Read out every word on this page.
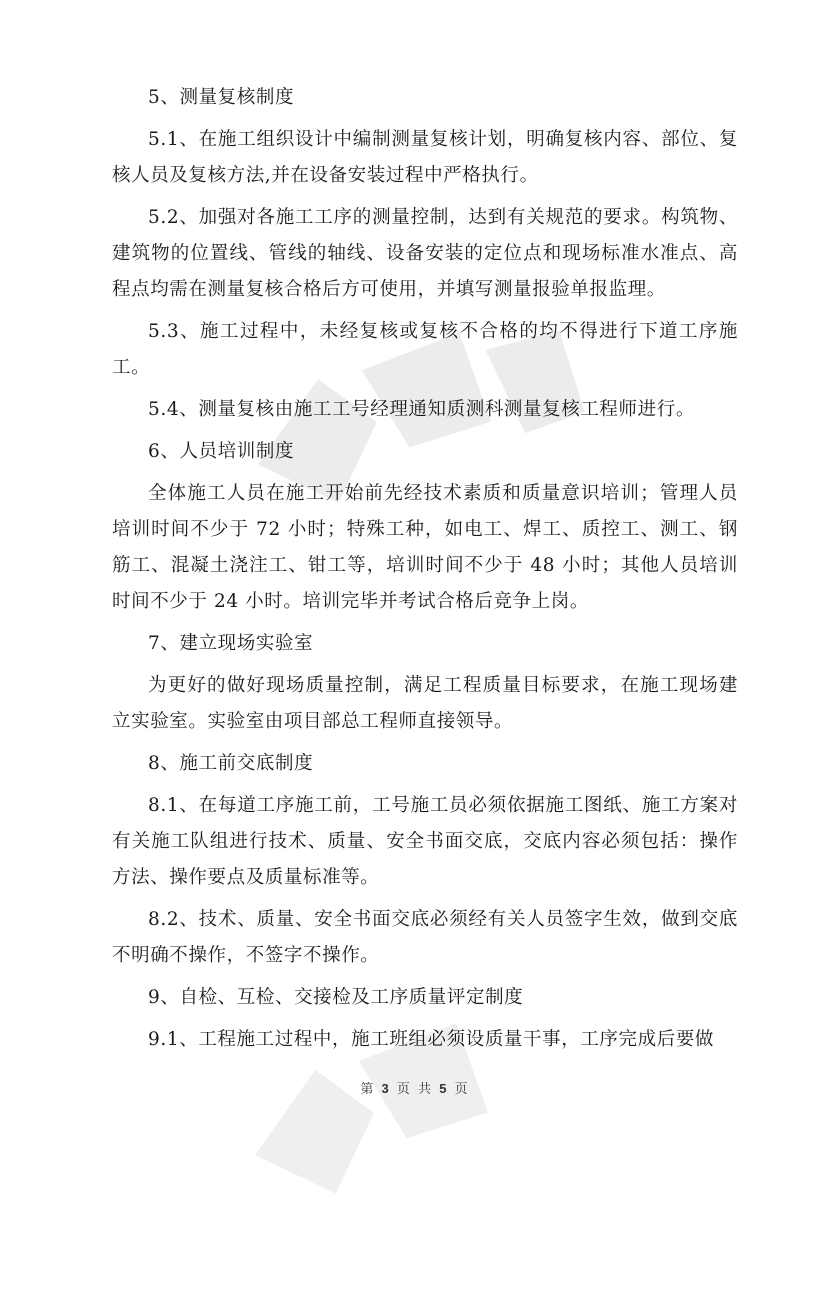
5、测量复核制度

5.1、在施工组织设计中编制测量复核计划，明确复核内容、部位、复核人员及复核方法,并在设备安装过程中严格执行。

5.2、加强对各施工工序的测量控制，达到有关规范的要求。构筑物、建筑物的位置线、管线的轴线、设备安装的定位点和现场标准水准点、高程点均需在测量复核合格后方可使用，并填写测量报验单报监理。

5.3、施工过程中，未经复核或复核不合格的均不得进行下道工序施工。

5.4、测量复核由施工工号经理通知质测科测量复核工程师进行。

6、人员培训制度

全体施工人员在施工开始前先经技术素质和质量意识培训；管理人员培训时间不少于 72 小时；特殊工种，如电工、焊工、质控工、测工、钢筋工、混凝土浇注工、钳工等，培训时间不少于 48 小时；其他人员培训时间不少于 24 小时。培训完毕并考试合格后竞争上岗。

7、建立现场实验室

为更好的做好现场质量控制，满足工程质量目标要求，在施工现场建立实验室。实验室由项目部总工程师直接领导。

8、施工前交底制度

8.1、在每道工序施工前，工号施工员必须依据施工图纸、施工方案对有关施工队组进行技术、质量、安全书面交底，交底内容必须包括：操作方法、操作要点及质量标准等。

8.2、技术、质量、安全书面交底必须经有关人员签字生效，做到交底不明确不操作，不签字不操作。

9、自检、互检、交接检及工序质量评定制度

9.1、工程施工过程中，施工班组必须设质量干事，工序完成后要做

第 3 页 共 5 页
